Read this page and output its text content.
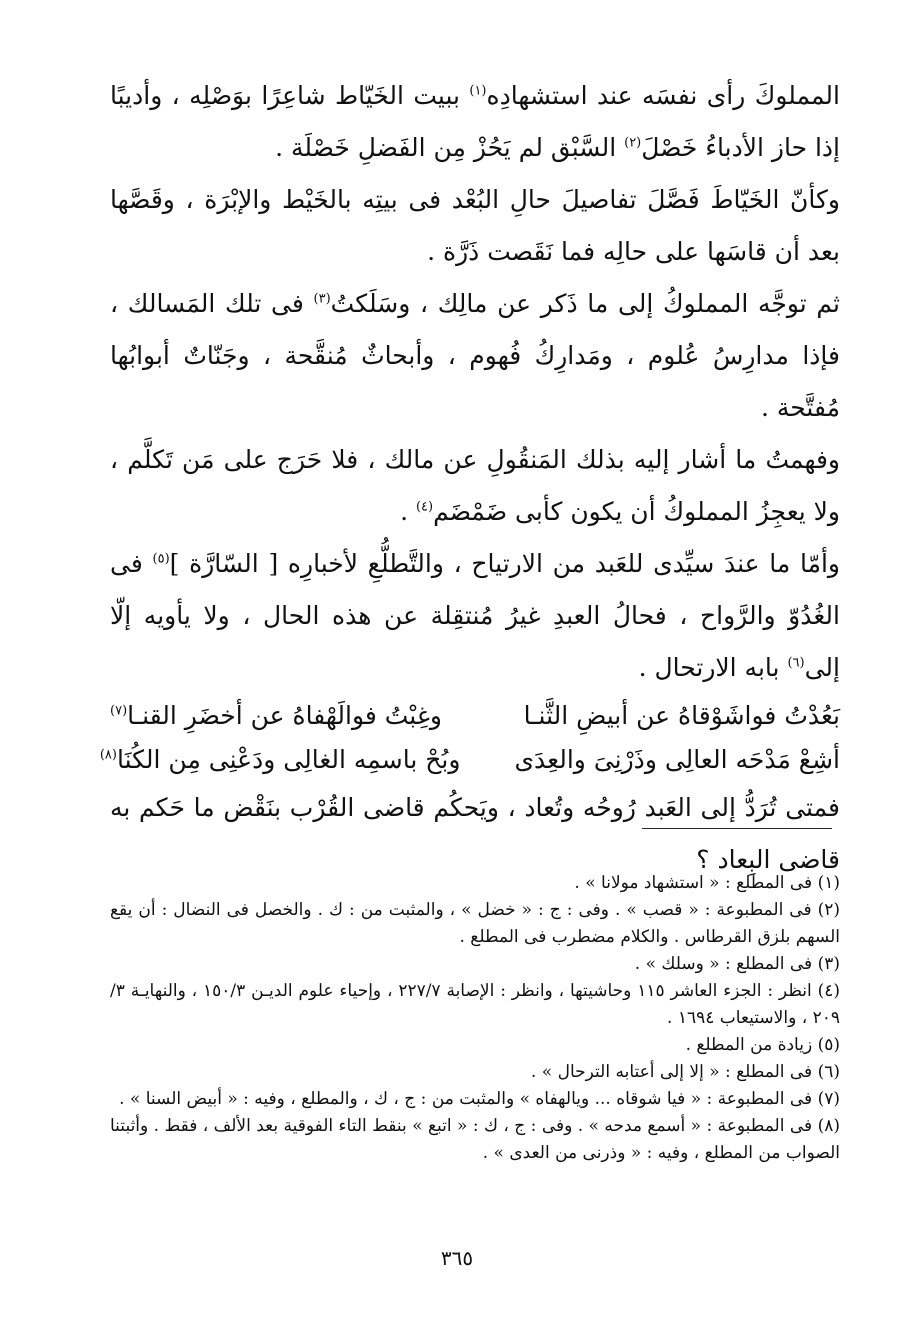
المملوكَ رأى نفسَه عند استشهادِه$^{(١)}$ ببيت الخَيّاط شاعِرًا بوَصْلِه ، وأديبًا إذا حاز الأدباءُ خَصْلَ$^{(٢)}$ السَّبْق لم يَحُزْ مِن الفَضلِ خَصْلَة .

وكأنّ الخَيّاطَ فَصَّلَ تفاصيلَ حالِ البُعْد فى بيتِه بالخَيْط والإبْرَة ، وقَصَّها بعد أن قاسَها على حالِه فما نَقَصت ذَرَّة .

ثم توجَّه المملوكُ إلى ما ذَكر عن مالِك ، وسَلَكتُ$^{(٣)}$ فى تلك المَسالك ، فإذا مدارِسُ عُلوم ، ومَدارِكُ فُهوم ، وأبحاثٌ مُنقَّحة ، وجَنّاتٌ أبوابُها مُفتَّحة .

وفهمتُ ما أشار إليه بذلك المَنقُولِ عن مالك ، فلا حَرَج على مَن تَكلَّم ، ولا يعجِزُ المملوكُ أن يكون كأبى ضَمْضَم$^{(٤)}$ .

وأمّا ما عندَ سيِّدى للعَبد من الارتياح ، والتَّطلُّعِ لأخبارِه [ السّارَّة ]$^{(٥)}$ فى الغُدُوّ والرَّواح ، فحالُ العبدِ غيرُ مُنتقِلة عن هذه الحال ، ولا يأويه إلّا إلى$^{(٦)}$ بابه الارتحال .

بَعُدْتُ فواشَوْقاهُ عن أبيضِ الثَّنـا
وغِبْتُ فوالَهْفاهُ عن أخضَرِ القنـا$^{(٧)}$
أشِعْ مَدْحَه العالِى وذَرْنِىَ والعِدَى
وبُحْ باسمِه الغالِى ودَعْنِى مِن الكُنَا$^{(٨)}$

فمتى تُرَدُّ إلى العَبد رُوحُه وتُعاد ، ويَحكُم قاضى القُرْب بنَقْض ما حَكم به قاضى البِعاد ؟

(١) فى المطلع : « استشهاد مولانا » .

(٢) فى المطبوعة : « قصب » . وفى : ج : « خضل » ، والمثبت من : ك . والخصل فى النضال : أن يقع السهم بلزق القرطاس . والكلام مضطرب فى المطلع .

(٣) فى المطلع : « وسلك » .

(٤) انظر : الجزء العاشر ١١٥ وحاشيتها ، وانظر : الإصابة ٢٢٧/٧ ، وإحياء علوم الديـن ١٥٠/٣ ، والنهايـة ٣/ ٢٠٩ ، والاستيعاب ١٦٩٤ .

(٥) زيادة من المطلع .

(٦) فى المطلع : « إلا إلى أعتابه الترحال » .

(٧) فى المطبوعة : « فيا شوقاه ... ويالهفاه » والمثبت من : ج ، ك ، والمطلع ، وفيه : « أبيض السنا » .

(٨) فى المطبوعة : « أسمع مدحه » . وفى : ج ، ك : « اتبع » بنقط التاء الفوقية بعد الألف ، فقط . وأثبتنا الصواب من المطلع ، وفيه : « وذرنى من العدى » .

٣٦٥
